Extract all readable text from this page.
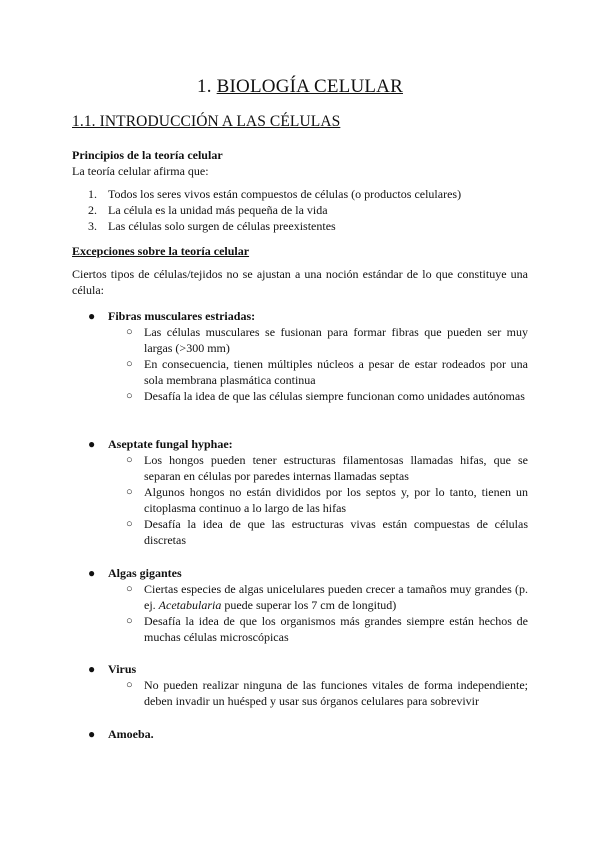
1. BIOLOGÍA CELULAR
1.1. INTRODUCCIÓN A LAS CÉLULAS
Principios de la teoría celular
La teoría celular afirma que:
1. Todos los seres vivos están compuestos de células (o productos celulares)
2. La célula es la unidad más pequeña de la vida
3. Las células solo surgen de células preexistentes
Excepciones sobre la teoría celular
Ciertos tipos de células/tejidos no se ajustan a una noción estándar de lo que constituye una célula:
● Fibras musculares estriadas:
○ Las células musculares se fusionan para formar fibras que pueden ser muy largas (>300 mm)
○ En consecuencia, tienen múltiples núcleos a pesar de estar rodeados por una sola membrana plasmática continua
○ Desafía la idea de que las células siempre funcionan como unidades autónomas
● Aseptate fungal hyphae:
○ Los hongos pueden tener estructuras filamentosas llamadas hifas, que se separan en células por paredes internas llamadas septas
○ Algunos hongos no están divididos por los septos y, por lo tanto, tienen un citoplasma continuo a lo largo de las hifas
○ Desafía la idea de que las estructuras vivas están compuestas de células discretas
● Algas gigantes
○ Ciertas especies de algas unicelulares pueden crecer a tamaños muy grandes (p. ej. Acetabularia puede superar los 7 cm de longitud)
○ Desafía la idea de que los organismos más grandes siempre están hechos de muchas células microscópicas
● Virus
○ No pueden realizar ninguna de las funciones vitales de forma independiente; deben invadir un huésped y usar sus órganos celulares para sobrevivir
● Amoeba.
